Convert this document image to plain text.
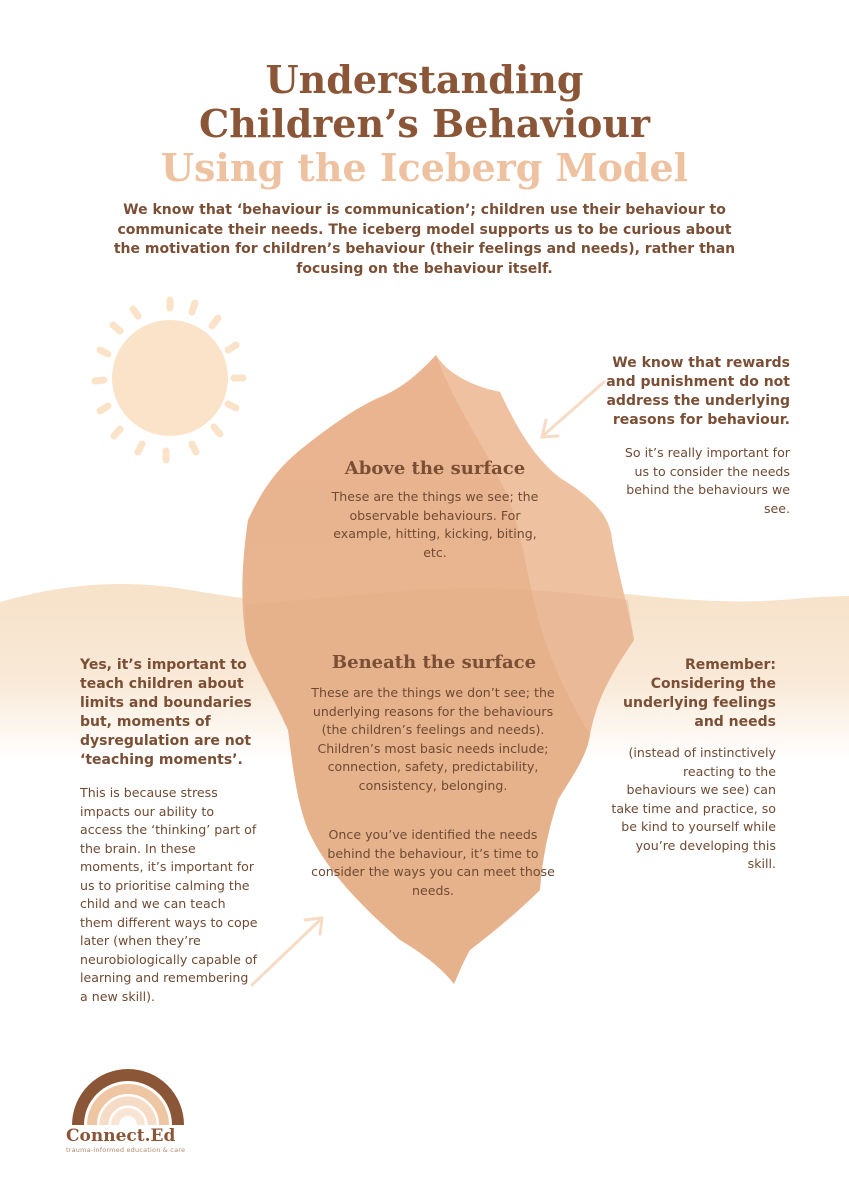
Understanding
Children’s Behaviour
Using the Iceberg Model

We know that ‘behaviour is communication’; children use their behaviour to communicate their needs. The iceberg model supports us to be curious about the motivation for children’s behaviour (their feelings and needs), rather than focusing on the behaviour itself.

Above the surface

These are the things we see; the observable behaviours. For example, hitting, kicking, biting, etc.

Beneath the surface

These are the things we don’t see; the underlying reasons for the behaviours (the children’s feelings and needs). Children’s most basic needs include; connection, safety, predictability, consistency, belonging.

Once you’ve identified the needs behind the behaviour, it’s time to consider the ways you can meet those needs.

We know that rewards and punishment do not address the underlying reasons for behaviour.

So it’s really important for us to consider the needs behind the behaviours we see.

Yes, it’s important to teach children about limits and boundaries but, moments of dysregulation are not ‘teaching moments’.

This is because stress impacts our ability to access the ‘thinking’ part of the brain. In these moments, it’s important for us to prioritise calming the child and we can teach them different ways to cope later (when they’re neurobiologically capable of learning and remembering a new skill).

Remember: Considering the underlying feelings and needs

(instead of instinctively reacting to the behaviours we see) can take time and practice, so be kind to yourself while you’re developing this skill.

Connect.Ed

trauma-informed education & care
